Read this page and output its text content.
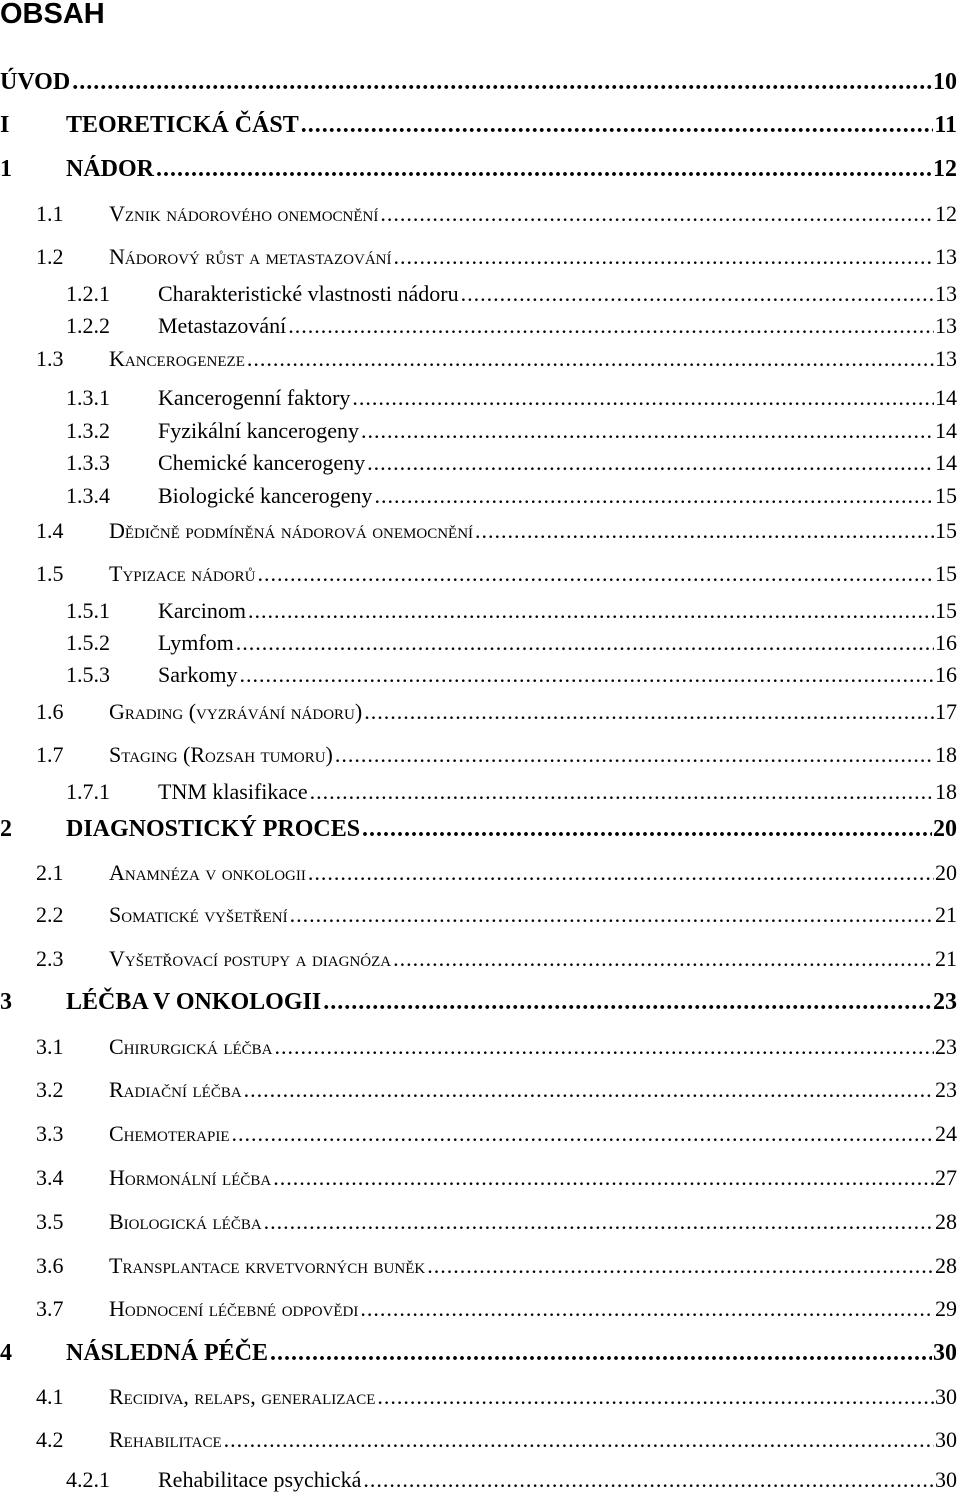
OBSAH
ÚVOD .....	10
I	TEORETICKÁ ČÁST .....	11
1	NÁDOR .....	12
1.1	Vznik nádorového onemocnění .....	12
1.2	Nádorový růst a metastazování .....	13
1.2.1	Charakteristické vlastnosti nádoru .....	13
1.2.2	Metastazování .....	13
1.3	Kancerogeneze .....	13
1.3.1	Kancerogenní faktory .....	14
1.3.2	Fyzikální kancerogeny .....	14
1.3.3	Chemické kancerogeny .....	14
1.3.4	Biologické kancerogeny .....	15
1.4	Dědičně podmíněná nádorová onemocnění .....	15
1.5	Typizace nádorů .....	15
1.5.1	Karcinom .....	15
1.5.2	Lymfom .....	16
1.5.3	Sarkomy .....	16
1.6	Grading (vyzrávání nádoru) .....	17
1.7	Staging (Rozsah tumoru) .....	18
1.7.1	TNM klasifikace .....	18
2	DIAGNOSTICKÝ PROCES .....	20
2.1	Anamnéza v onkologii .....	20
2.2	Somatické vyšetření .....	21
2.3	Vyšetřovací postupy a diagnóza .....	21
3	LÉČBA V ONKOLOGII .....	23
3.1	Chirurgická léčba .....	23
3.2	Radiační léčba .....	23
3.3	Chemoterapie .....	24
3.4	Hormonální léčba .....	27
3.5	Biologická léčba .....	28
3.6	Transplantace krvetvorných buněk .....	28
3.7	Hodnocení léčebné odpovědi .....	29
4	NÁSLEDNÁ PÉČE .....	30
4.1	Recidiva, relaps, generalizace .....	30
4.2	Rehabilitace .....	30
4.2.1	Rehabilitace psychická .....	30
